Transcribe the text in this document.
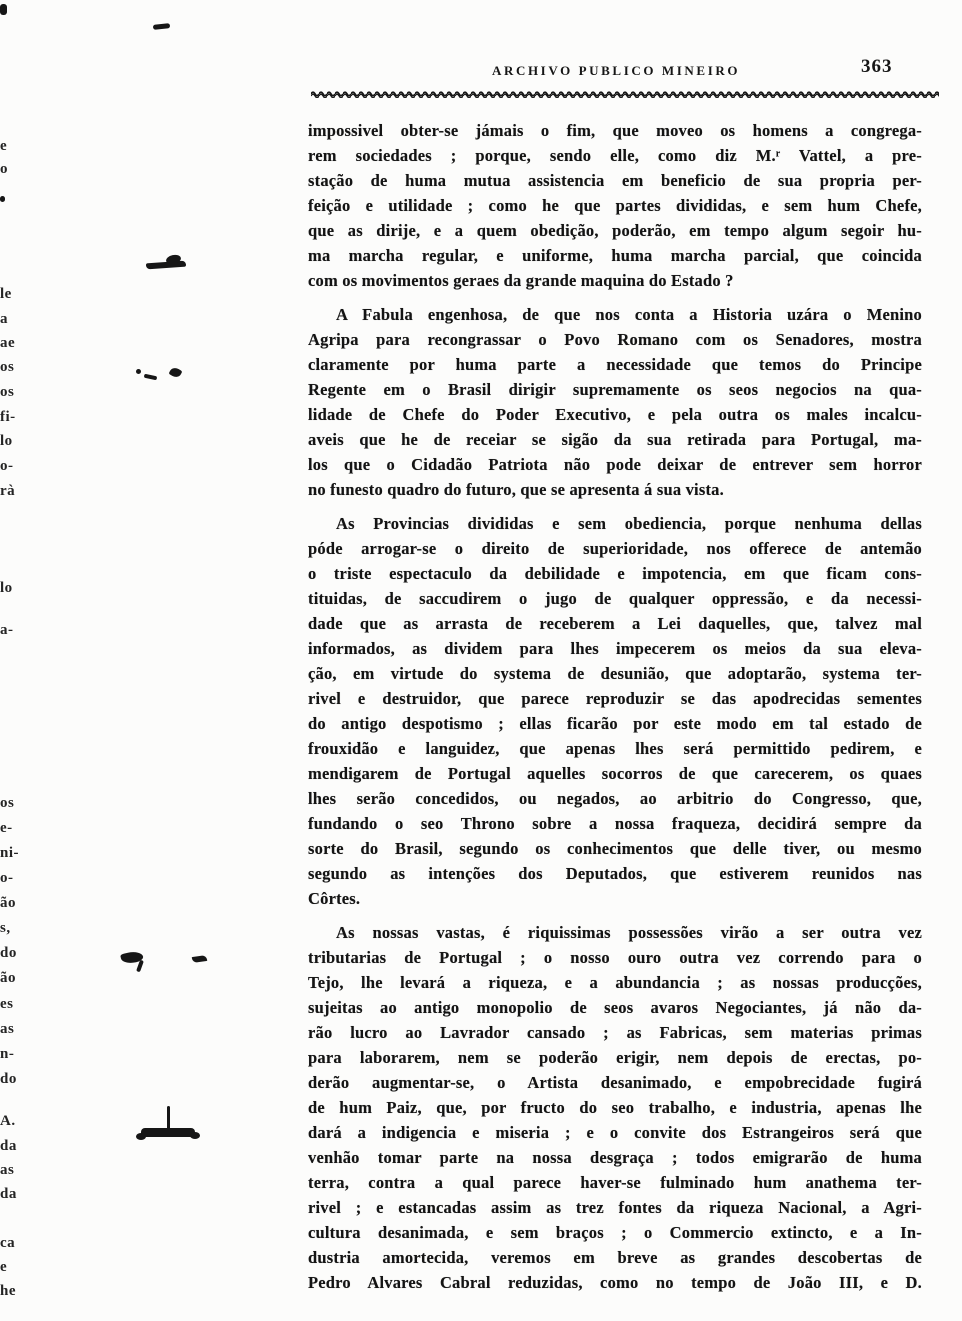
ARCHIVO PUBLICO MINEIRO	363
impossivel obter-se jámais o fim, que moveo os homens a congrega-
rem sociedades ; porque, sendo elle, como diz M.ʳ Vattel, a pre-
stação de huma mutua assistencia em beneficio de sua propria per-
feição e utilidade ; como he que partes divididas, e sem hum Chefe,
que as dirije, e a quem obedição, poderão, em tempo algum segoir hu-
ma marcha regular, e uniforme, huma marcha parcial, que coincida
com os movimentos geraes da grande maquina do Estado ?
A Fabula engenhosa, de que nos conta a Historia uzára o Menino
Agripa para recongrassar o Povo Romano com os Senadores, mostra
claramente por huma parte a necessidade que temos do Principe
Regente em o Brasil dirigir supremamente os seos negocios na qua-
lidade de Chefe do Poder Executivo, e pela outra os males incalcu-
aveis que he de receiar se sigão da sua retirada para Portugal, ma-
los que o Cidadão Patriota não pode deixar de entrever sem horror
no funesto quadro do futuro, que se apresenta á sua vista.
As Provincias divididas e sem obediencia, porque nenhuma dellas
póde arrogar-se o direito de superioridade, nos offerece de antemão
o triste espectaculo da debilidade e impotencia, em que ficam cons-
tituidas, de saccudirem o jugo de qualquer oppressão, e da necessi-
dade que as arrasta de receberem a Lei daquelles, que, talvez mal
informados, as dividem para lhes impecerem os meios da sua eleva-
ção, em virtude do systema de desunião, que adoptarão, systema ter-
rivel e destruidor, que parece reproduzir se das apodrecidas sementes
do antigo despotismo ; ellas ficarão por este modo em tal estado de
frouxidão e languidez, que apenas lhes será permittido pedirem, e
mendigarem de Portugal aquelles socorros de que carecerem, os quaes
lhes serão concedidos, ou negados, ao arbitrio do Congresso, que,
fundando o seo Throno sobre a nossa fraqueza, decidirá sempre da
sorte do Brasil, segundo os conhecimentos que delle tiver, ou mesmo
segundo as intenções dos Deputados, que estiverem reunidos nas
Côrtes.
As nossas vastas, é riquissimas possessões virão a ser outra vez
tributarias de Portugal ; o nosso ouro outra vez correndo para o
Tejo, lhe levará a riqueza, e a abundancia ; as nossas producções,
sujeitas ao antigo monopolio de seos avaros Negociantes, já não da-
rão lucro ao Lavrador cansado ; as Fabricas, sem materias primas
para laborarem, nem se poderão erigir, nem depois de erectas, po-
derão augmentar-se, o Artista desanimado, e empobrecidade fugirá
de hum Paiz, que, por fructo do seo trabalho, e industria, apenas lhe
dará a indigencia e miseria ; e o convite dos Estrangeiros será que
venhão tomar parte na nossa desgraça ; todos emigrarão de huma
terra, contra a qual parece haver-se fulminado hum anathema ter-
rivel ; e estancadas assim as trez fontes da riqueza Nacional, a Agri-
cultura desanimada, e sem braços ; o Commercio extincto, e a In-
dustria amortecida, veremos em breve as grandes descobertas de
Pedro Alvares Cabral reduzidas, como no tempo de João III, e D.
e
o
le
a
ae
os
os
fi-
lo
o-
rà
lo
a-
os
e-
ni-
o-
ão
s,
do
ão
es
as
n-
do
A.
da
as
da
ca
e
he
